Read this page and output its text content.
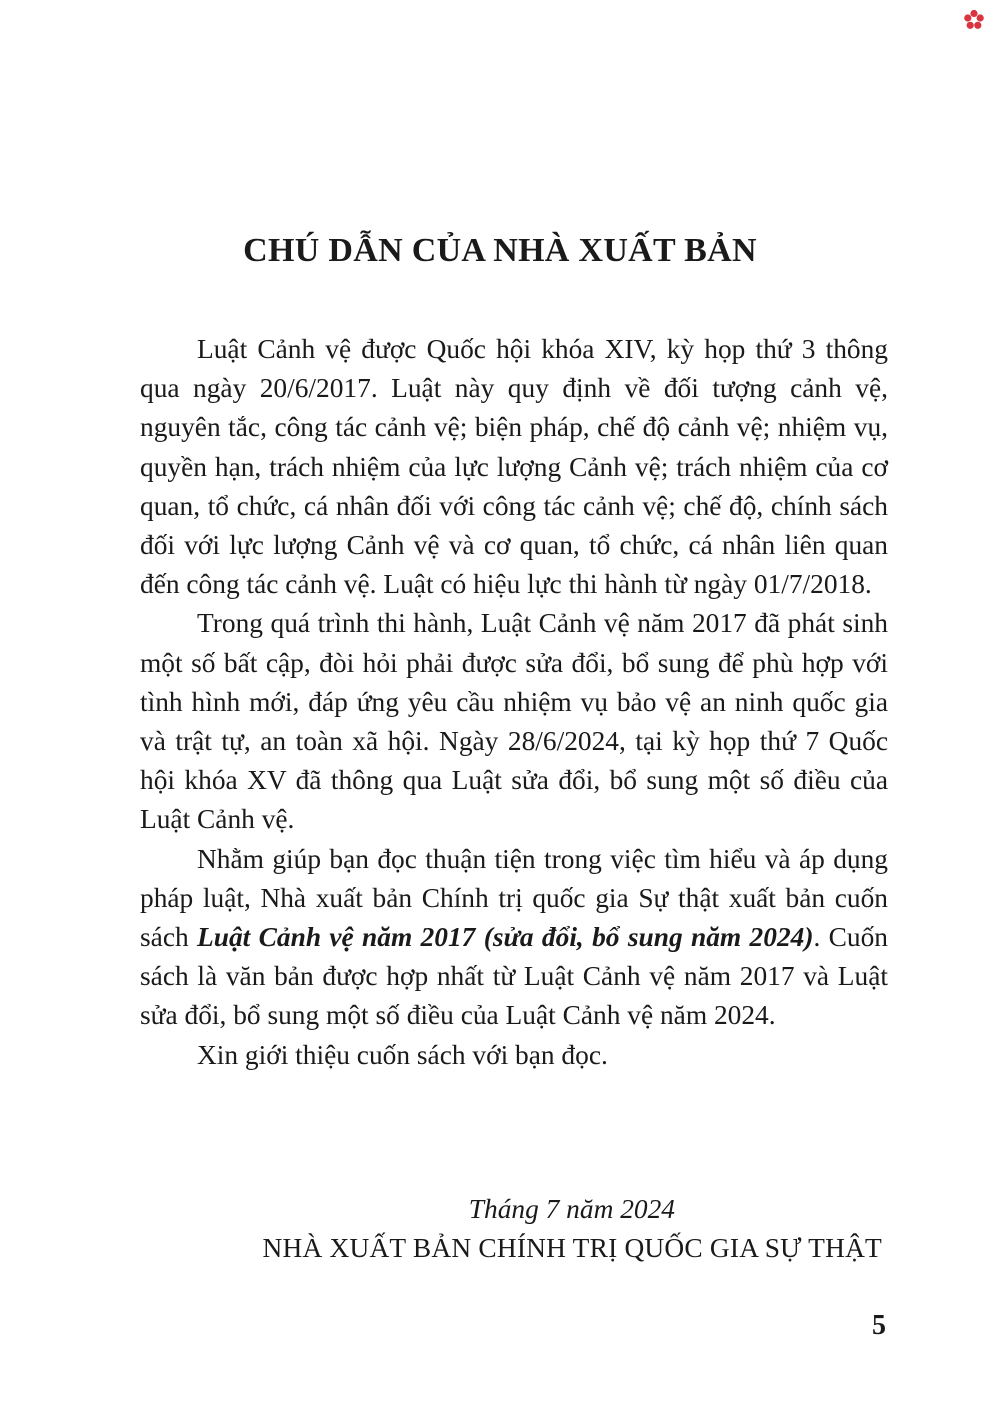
CHÚ DẪN CỦA NHÀ XUẤT BẢN

Luật Cảnh vệ được Quốc hội khóa XIV, kỳ họp thứ 3 thông qua ngày 20/6/2017. Luật này quy định về đối tượng cảnh vệ, nguyên tắc, công tác cảnh vệ; biện pháp, chế độ cảnh vệ; nhiệm vụ, quyền hạn, trách nhiệm của lực lượng Cảnh vệ; trách nhiệm của cơ quan, tổ chức, cá nhân đối với công tác cảnh vệ; chế độ, chính sách đối với lực lượng Cảnh vệ và cơ quan, tổ chức, cá nhân liên quan đến công tác cảnh vệ. Luật có hiệu lực thi hành từ ngày 01/7/2018.

Trong quá trình thi hành, Luật Cảnh vệ năm 2017 đã phát sinh một số bất cập, đòi hỏi phải được sửa đổi, bổ sung để phù hợp với tình hình mới, đáp ứng yêu cầu nhiệm vụ bảo vệ an ninh quốc gia và trật tự, an toàn xã hội. Ngày 28/6/2024, tại kỳ họp thứ 7 Quốc hội khóa XV đã thông qua Luật sửa đổi, bổ sung một số điều của Luật Cảnh vệ.

Nhằm giúp bạn đọc thuận tiện trong việc tìm hiểu và áp dụng pháp luật, Nhà xuất bản Chính trị quốc gia Sự thật xuất bản cuốn sách Luật Cảnh vệ năm 2017 (sửa đổi, bổ sung năm 2024). Cuốn sách là văn bản được hợp nhất từ Luật Cảnh vệ năm 2017 và Luật sửa đổi, bổ sung một số điều của Luật Cảnh vệ năm 2024.

Xin giới thiệu cuốn sách với bạn đọc.

Tháng 7 năm 2024

NHÀ XUẤT BẢN CHÍNH TRỊ QUỐC GIA SỰ THẬT

5
